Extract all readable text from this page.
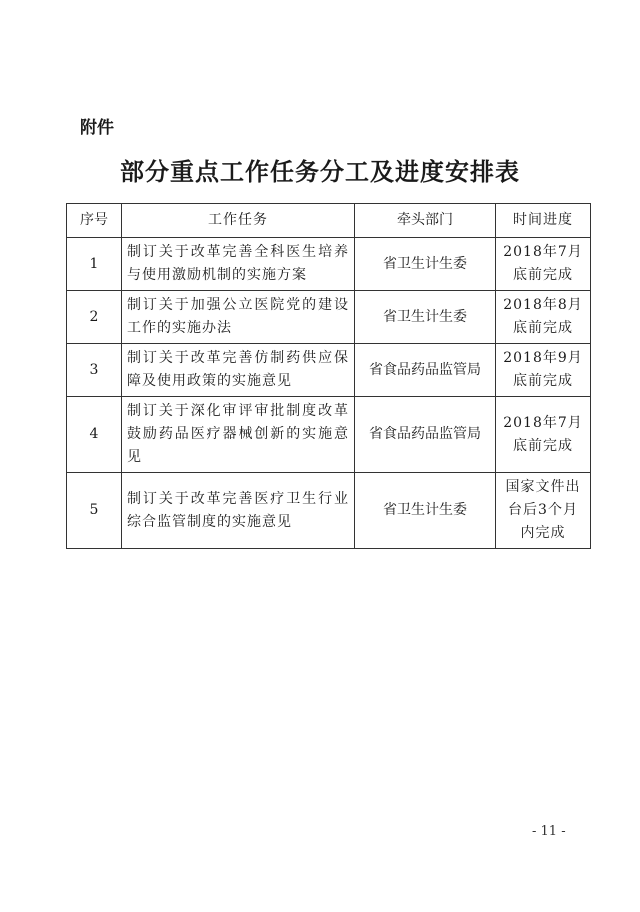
附件
部分重点工作任务分工及进度安排表
序号	工作任务	牵头部门	时间进度
1	制订关于改革完善全科医生培养与使用激励机制的实施方案	省卫生计生委	2018年7月底前完成
2	制订关于加强公立医院党的建设工作的实施办法	省卫生计生委	2018年8月底前完成
3	制订关于改革完善仿制药供应保障及使用政策的实施意见	省食品药品监管局	2018年9月底前完成
4	制订关于深化审评审批制度改革鼓励药品医疗器械创新的实施意见	省食品药品监管局	2018年7月底前完成
5	制订关于改革完善医疗卫生行业综合监管制度的实施意见	省卫生计生委	国家文件出台后3个月内完成
- 11 -
